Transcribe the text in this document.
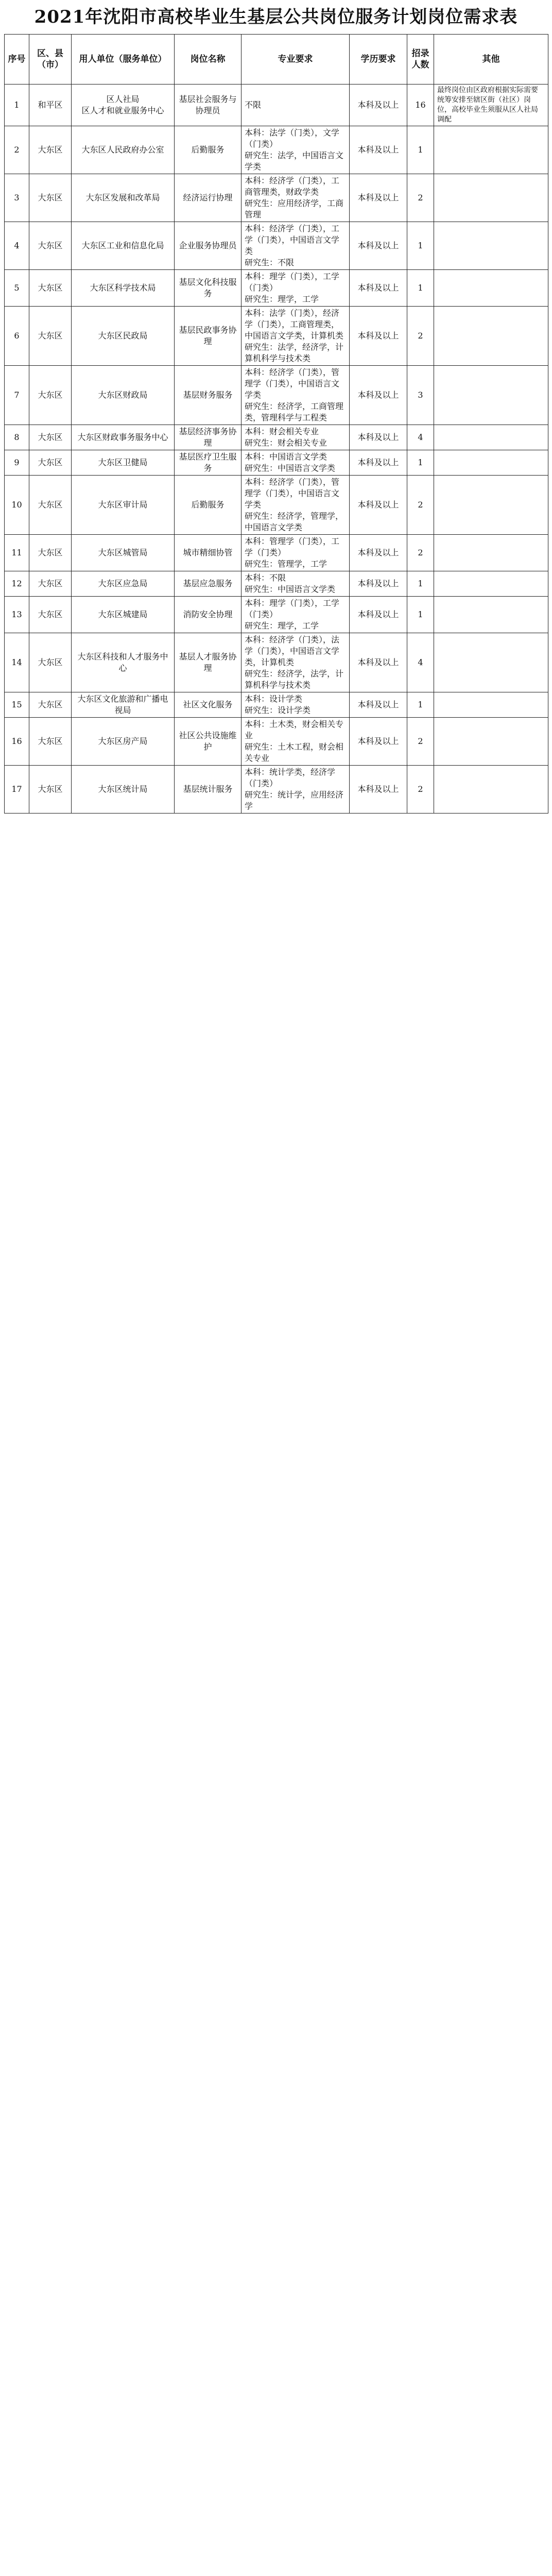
2021年沈阳市高校毕业生基层公共岗位服务计划岗位需求表
序号	区、县（市）	用人单位（服务单位）	岗位名称	专业要求	学历要求	招录人数	其他
1	和平区	区人社局
区人才和就业服务中心	基层社会服务与协理员	不限	本科及以上	16	最终岗位由区政府根据实际需要统筹安排至辖区街（社区）岗位，高校毕业生须服从区人社局调配
2	大东区	大东区人民政府办公室	后勤服务	本科：法学（门类），文学（门类）
研究生：法学，中国语言文学类	本科及以上	1	
3	大东区	大东区发展和改革局	经济运行协理	本科：经济学（门类），工商管理类，财政学类
研究生：应用经济学，工商管理	本科及以上	2	
4	大东区	大东区工业和信息化局	企业服务协理员	本科：经济学（门类），工学（门类），中国语言文学类
研究生：不限	本科及以上	1	
5	大东区	大东区科学技术局	基层文化科技服务	本科：理学（门类），工学（门类）
研究生：理学，工学	本科及以上	1	
6	大东区	大东区民政局	基层民政事务协理	本科：法学（门类），经济学（门类），工商管理类，中国语言文学类，计算机类
研究生：法学，经济学，计算机科学与技术类	本科及以上	2	
7	大东区	大东区财政局	基层财务服务	本科：经济学（门类），管理学（门类），中国语言文学类
研究生：经济学，工商管理类，管理科学与工程类	本科及以上	3	
8	大东区	大东区财政事务服务中心	基层经济事务协理	本科：财会相关专业
研究生：财会相关专业	本科及以上	4	
9	大东区	大东区卫健局	基层医疗卫生服务	本科：中国语言文学类
研究生：中国语言文学类	本科及以上	1	
10	大东区	大东区审计局	后勤服务	本科：经济学（门类），管理学（门类），中国语言文学类
研究生：经济学，管理学，中国语言文学类	本科及以上	2	
11	大东区	大东区城管局	城市精细协管	本科：管理学（门类），工学（门类）
研究生：管理学，工学	本科及以上	2	
12	大东区	大东区应急局	基层应急服务	本科：不限
研究生：中国语言文学类	本科及以上	1	
13	大东区	大东区城建局	消防安全协理	本科：理学（门类），工学（门类）
研究生：理学，工学	本科及以上	1	
14	大东区	大东区科技和人才服务中心	基层人才服务协理	本科：经济学（门类），法学（门类），中国语言文学类，计算机类
研究生：经济学，法学，计算机科学与技术类	本科及以上	4	
15	大东区	大东区文化旅游和广播电视局	社区文化服务	本科：设计学类
研究生：设计学类	本科及以上	1	
16	大东区	大东区房产局	社区公共设施维护	本科：土木类，财会相关专业
研究生：土木工程，财会相关专业	本科及以上	2	
17	大东区	大东区统计局	基层统计服务	本科：统计学类，经济学（门类）
研究生：统计学，应用经济学	本科及以上	2	
